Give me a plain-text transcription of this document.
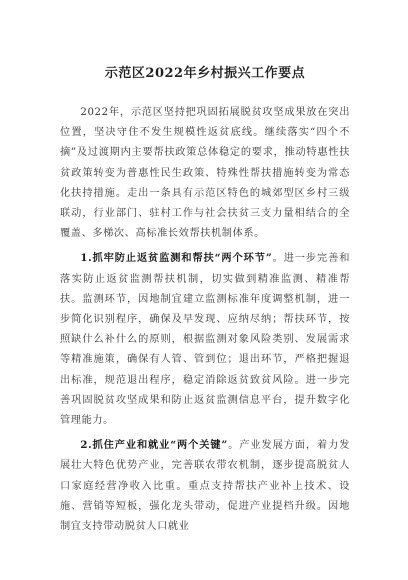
示范区2022年乡村振兴工作要点

2022年，示范区坚持把巩固拓展脱贫攻坚成果放在突出位置，坚决守住不发生规模性返贫底线。继续落实“四个不摘”及过渡期内主要帮扶政策总体稳定的要求，推动特惠性扶贫政策转变为普惠性民生政策、特殊性帮扶措施转变为常态化扶持措施。走出一条具有示范区特色的城郊型区乡村三级联动，行业部门、驻村工作与社会扶贫三支力量相结合的全覆盖、多梯次、高标准长效帮扶机制体系。

1.抓牢防止返贫监测和帮扶“两个环节”。进一步完善和落实防止返贫监测帮扶机制，切实做到精准监测、精准帮扶。监测环节，因地制宜建立监测标准年度调整机制，进一步简化识别程序，确保及早发现、应纳尽纳；帮扶环节，按照缺什么补什么的原则，根据监测对象风险类别、发展需求等精准施策，确保有人管、管到位；退出环节，严格把握退出标准，规范退出程序，稳定消除返贫致贫风险。进一步完善巩固脱贫攻坚成果和防止返贫监测信息平台，提升数字化管理能力。

2.抓住产业和就业“两个关键”。产业发展方面，着力发展壮大特色优势产业，完善联农带农机制，逐步提高脱贫人口家庭经营净收入比重。重点支持帮扶产业补上技术、设施、营销等短板，强化龙头带动，促进产业提档升级。因地制宜支持带动脱贫人口就业
